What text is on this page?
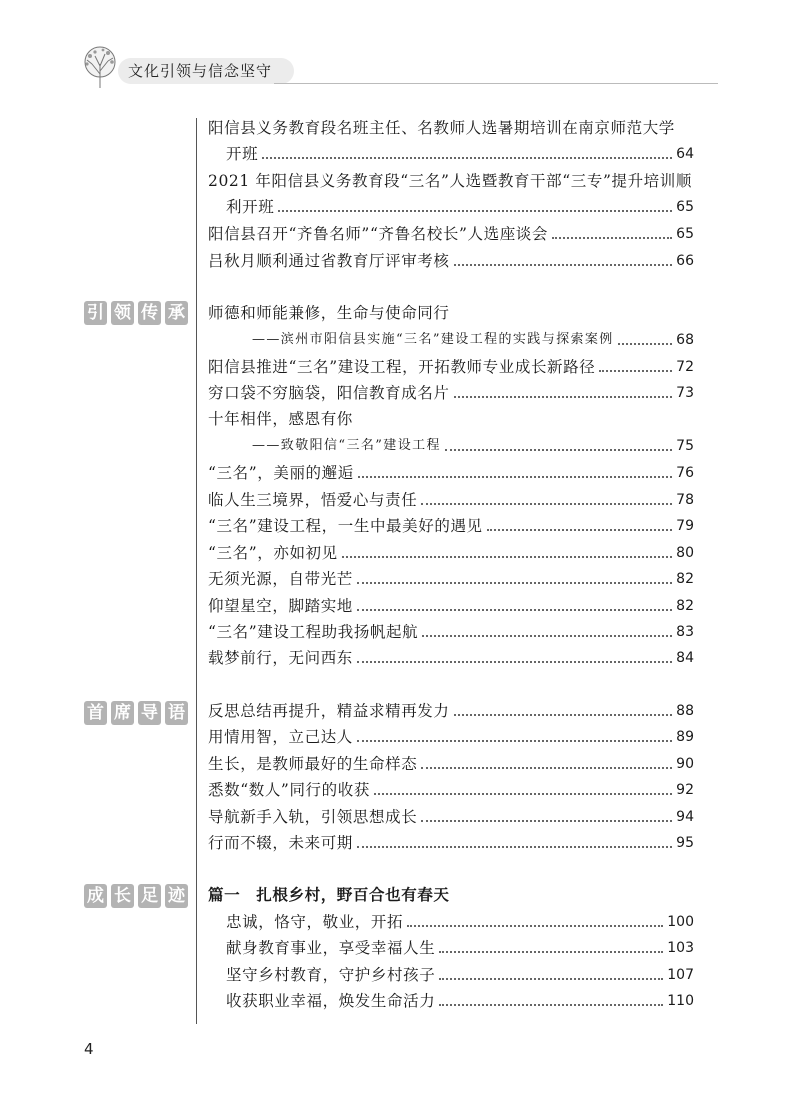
文化引领与信念坚守
引 领 传 承
首 席 导 语
成 长 足 迹
阳信县义务教育段名班主任、名教师人选暑期培训在南京师范大学
开班	64
2021 年阳信县义务教育段“三名”人选暨教育干部“三专”提升培训顺
利开班	65
阳信县召开“齐鲁名师”“齐鲁名校长”人选座谈会	65
吕秋月顺利通过省教育厅评审考核	66
师德和师能兼修，生命与使命同行
——滨州市阳信县实施“三名”建设工程的实践与探索案例	68
阳信县推进“三名”建设工程，开拓教师专业成长新路径	72
穷口袋不穷脑袋，阳信教育成名片	73
十年相伴，感恩有你
——致敬阳信“三名”建设工程	75
“三名”，美丽的邂逅	76
临人生三境界，悟爱心与责任	78
“三名”建设工程，一生中最美好的遇见	79
“三名”，亦如初见	80
无须光源，自带光芒	82
仰望星空，脚踏实地	82
“三名”建设工程助我扬帆起航	83
载梦前行，无问西东	84
反思总结再提升，精益求精再发力	88
用情用智，立己达人	89
生长，是教师最好的生命样态	90
悉数“数人”同行的收获	92
导航新手入轨，引领思想成长	94
行而不辍，未来可期	95
篇一　扎根乡村，野百合也有春天
忠诚，恪守，敬业，开拓	100
献身教育事业，享受幸福人生	103
坚守乡村教育，守护乡村孩子	107
收获职业幸福，焕发生命活力	110
4
